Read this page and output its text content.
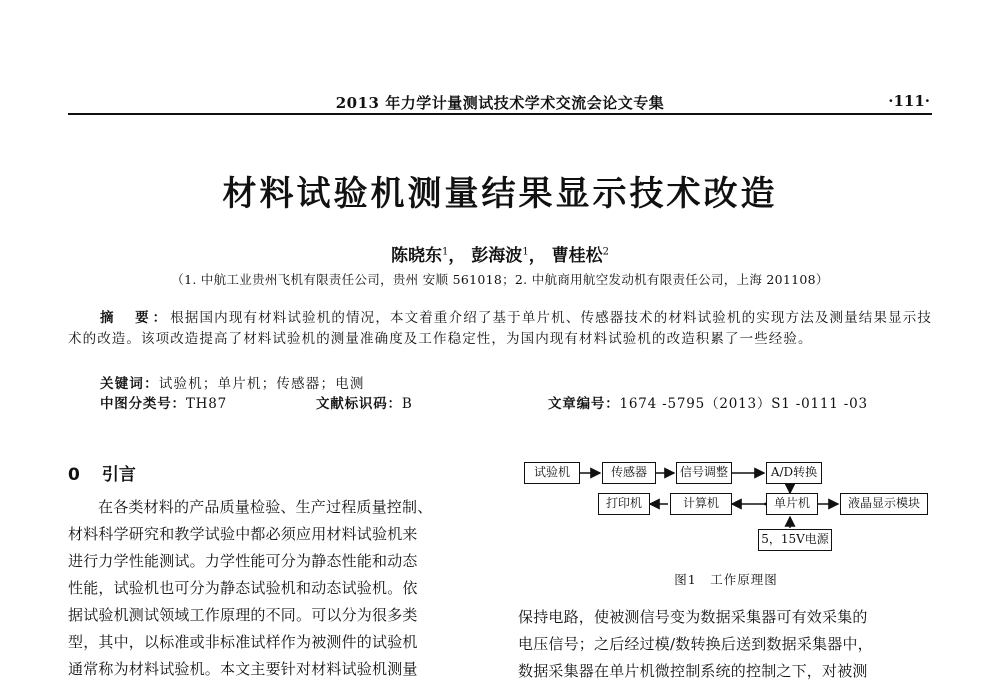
2013 年力学计量测试技术学术交流会论文专集	·111·
材料试验机测量结果显示技术改造
陈晓东$^1$， 彭海波$^1$， 曹桂松$^2$
（1. 中航工业贵州飞机有限责任公司，贵州 安顺 561018；2. 中航商用航空发动机有限责任公司，上海 201108）
摘　要：根据国内现有材料试验机的情况，本文着重介绍了基于单片机、传感器技术的材料试验机的实现方法及测量结果显示技术的改造。该项改造提高了材料试验机的测量准确度及工作稳定性，为国内现有材料试验机的改造积累了一些经验。
关键词：试验机；单片机；传感器；电测
中图分类号：TH87	文献标识码：B	文章编号：1674 -5795（2013）S1 -0111 -03
0 引言
在各类材料的产品质量检验、生产过程质量控制、
材料科学研究和教学试验中都必须应用材料试验机来
进行力学性能测试。力学性能可分为静态性能和动态
性能，试验机也可分为静态试验机和动态试验机。依
据试验机测试领域工作原理的不同。可以分为很多类
型，其中，以标准或非标准试样作为被测件的试验机
通常称为材料试验机。本文主要针对材料试验机测量
试验机	传感器	信号调整	A/D转换
打印机	计算机	单片机	液晶显示模块
5，15V电源
图1　工作原理图
保持电路，使被测信号变为数据采集器可有效采集的
电压信号；之后经过模/数转换后送到数据采集器中，
数据采集器在单片机微控制系统的控制之下，对被测
